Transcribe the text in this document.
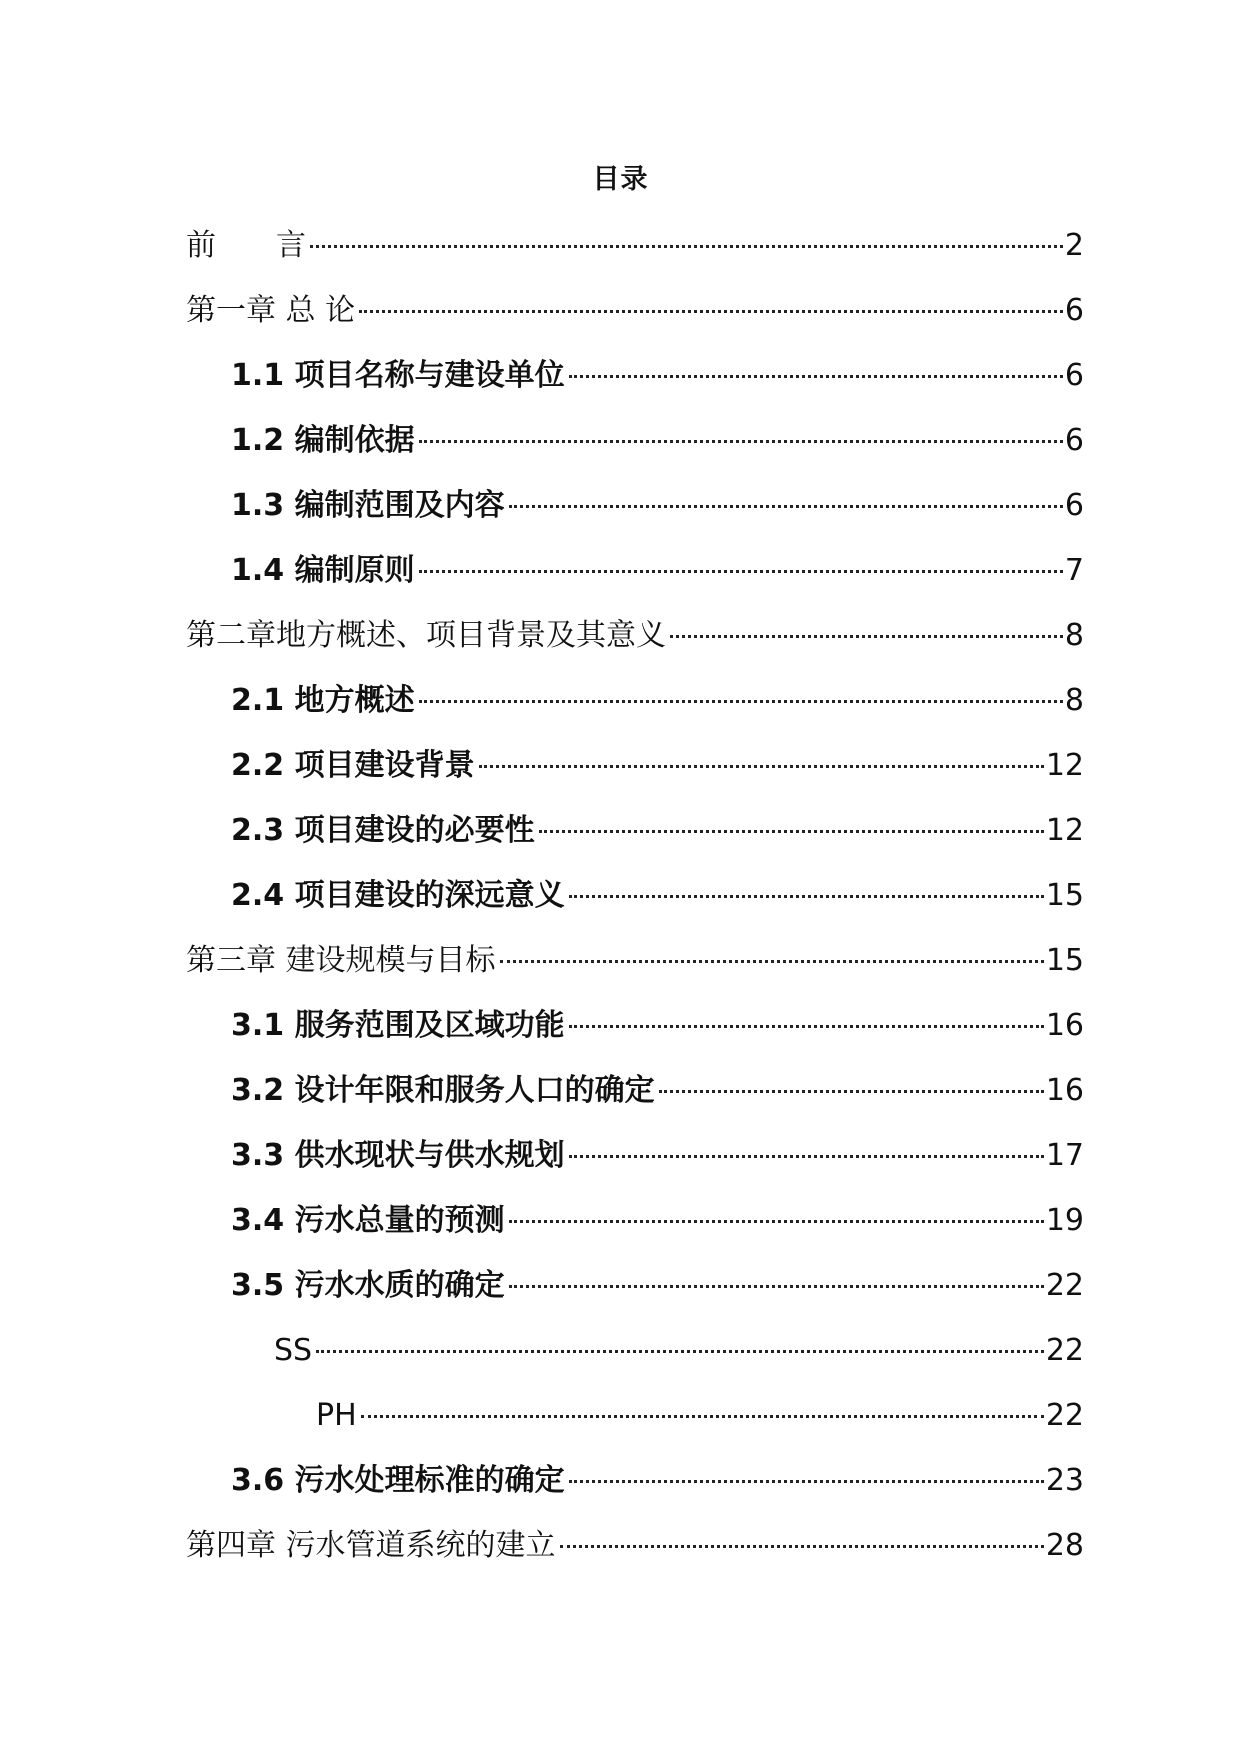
目录
前　　言	2
第一章 总 论	6
1.1 项目名称与建设单位	6
1.2 编制依据	6
1.3 编制范围及内容	6
1.4 编制原则	7
第二章地方概述、项目背景及其意义	8
2.1 地方概述	8
2.2 项目建设背景	12
2.3 项目建设的必要性	12
2.4 项目建设的深远意义	15
第三章 建设规模与目标	15
3.1 服务范围及区域功能	16
3.2 设计年限和服务人口的确定	16
3.3 供水现状与供水规划	17
3.4 污水总量的预测	19
3.5 污水水质的确定	22
SS	22
PH	22
3.6 污水处理标准的确定	23
第四章 污水管道系统的建立	28
